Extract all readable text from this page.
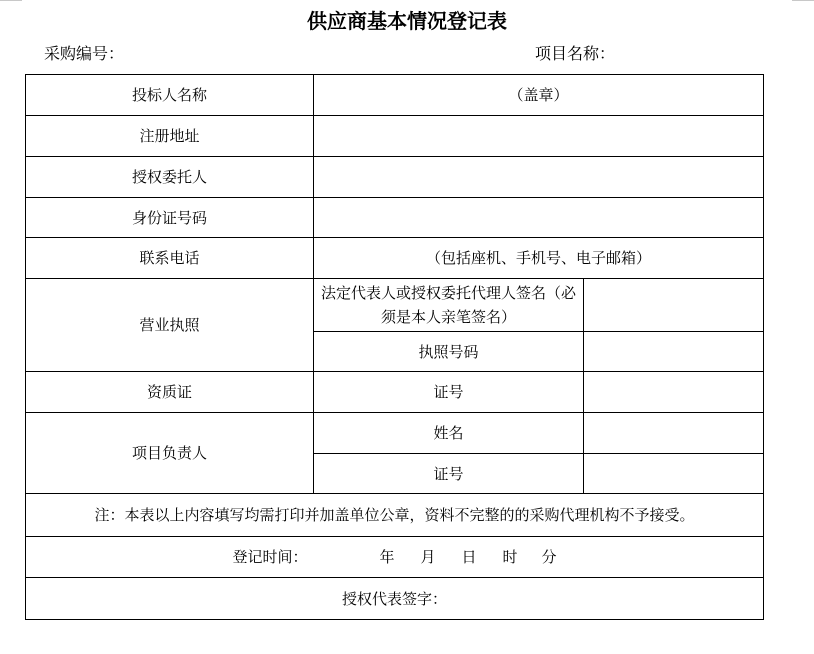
供应商基本情况登记表
采购编号：	项目名称：
投标人名称	（盖章）	
注册地址		
授权委托人		
身份证号码		
联系电话	（包括座机、手机号、电子邮箱）	
营业执照	法定代表人或授权委托代理人签名（必须是本人亲笔签名）	
	执照号码	
资质证	证号	
项目负责人	姓名	
	证号	
注：本表以上内容填写均需打印并加盖单位公章，资料不完整的的采购代理机构不予接受。		
登记时间： 年 月 日 时 分		
授权代表签字：		
